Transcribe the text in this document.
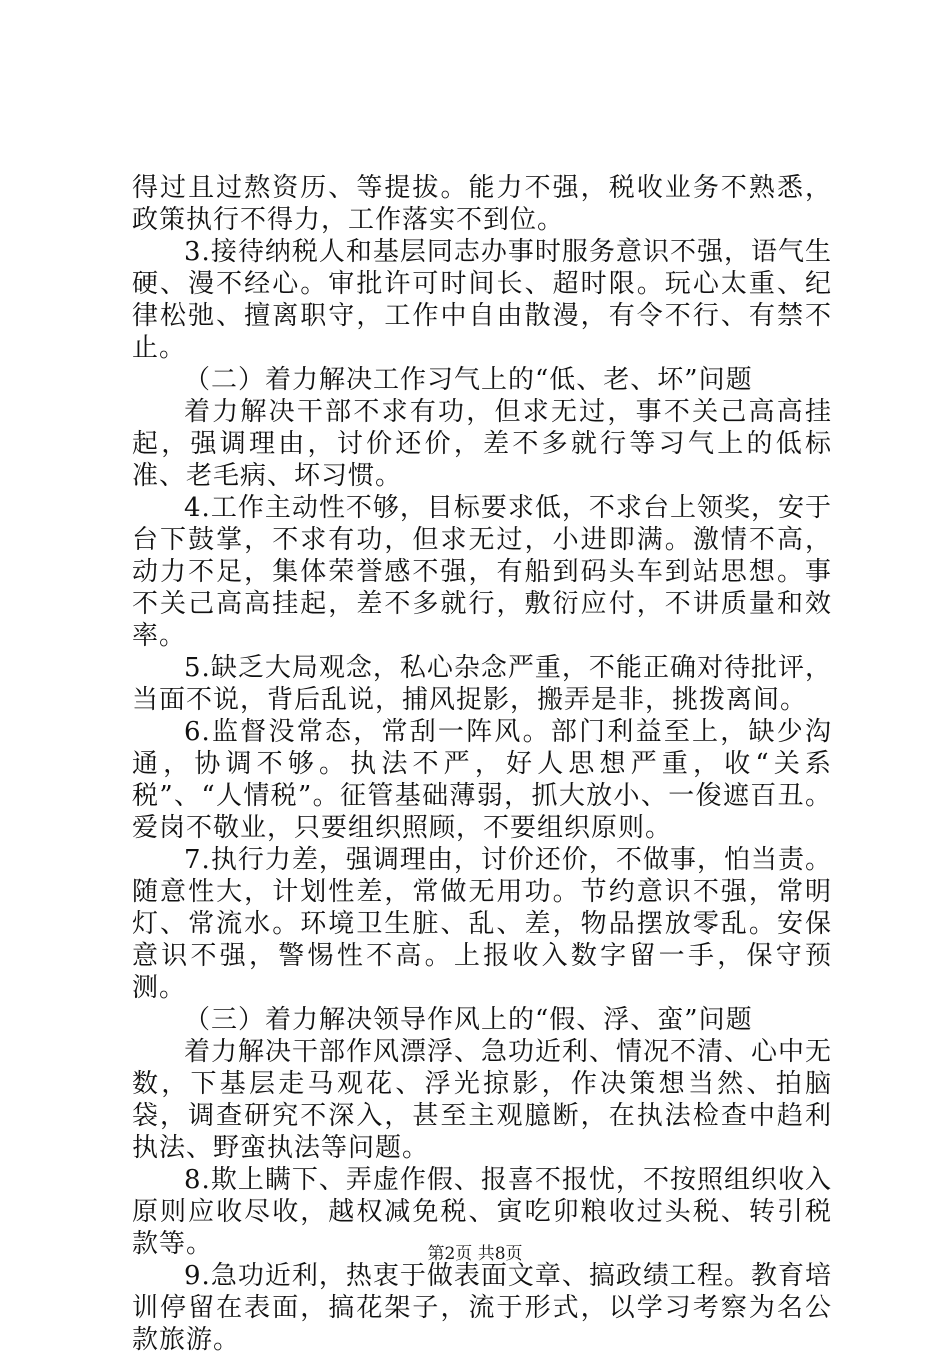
得过且过熬资历、等提拔。能力不强，税收业务不熟悉，政策执行不得力，工作落实不到位。

3.接待纳税人和基层同志办事时服务意识不强，语气生硬、漫不经心。审批许可时间长、超时限。玩心太重、纪律松弛、擅离职守，工作中自由散漫，有令不行、有禁不止。

（二）着力解决工作习气上的“低、老、坏”问题

着力解决干部不求有功，但求无过，事不关己高高挂起，强调理由，讨价还价，差不多就行等习气上的低标准、老毛病、坏习惯。

4.工作主动性不够，目标要求低，不求台上领奖，安于台下鼓掌，不求有功，但求无过，小进即满。激情不高，动力不足，集体荣誉感不强，有船到码头车到站思想。事不关己高高挂起，差不多就行，敷衍应付，不讲质量和效率。

5.缺乏大局观念，私心杂念严重，不能正确对待批评，当面不说，背后乱说，捕风捉影，搬弄是非，挑拨离间。

6.监督没常态，常刮一阵风。部门利益至上，缺少沟通，协调不够。执法不严，好人思想严重，收“关系税”、“人情税”。征管基础薄弱，抓大放小、一俊遮百丑。爱岗不敬业，只要组织照顾，不要组织原则。

7.执行力差，强调理由，讨价还价，不做事，怕当责。随意性大，计划性差，常做无用功。节约意识不强，常明灯、常流水。环境卫生脏、乱、差，物品摆放零乱。安保意识不强，警惕性不高。上报收入数字留一手，保守预测。

（三）着力解决领导作风上的“假、浮、蛮”问题

着力解决干部作风漂浮、急功近利、情况不清、心中无数，下基层走马观花、浮光掠影，作决策想当然、拍脑袋，调查研究不深入，甚至主观臆断，在执法检查中趋利执法、野蛮执法等问题。

8.欺上瞒下、弄虚作假、报喜不报忧，不按照组织收入原则应收尽收，越权减免税、寅吃卯粮收过头税、转引税款等。

9.急功近利，热衷于做表面文章、搞政绩工程。教育培训停留在表面，搞花架子，流于形式，以学习考察为名公款旅游。

第2页 共8页
